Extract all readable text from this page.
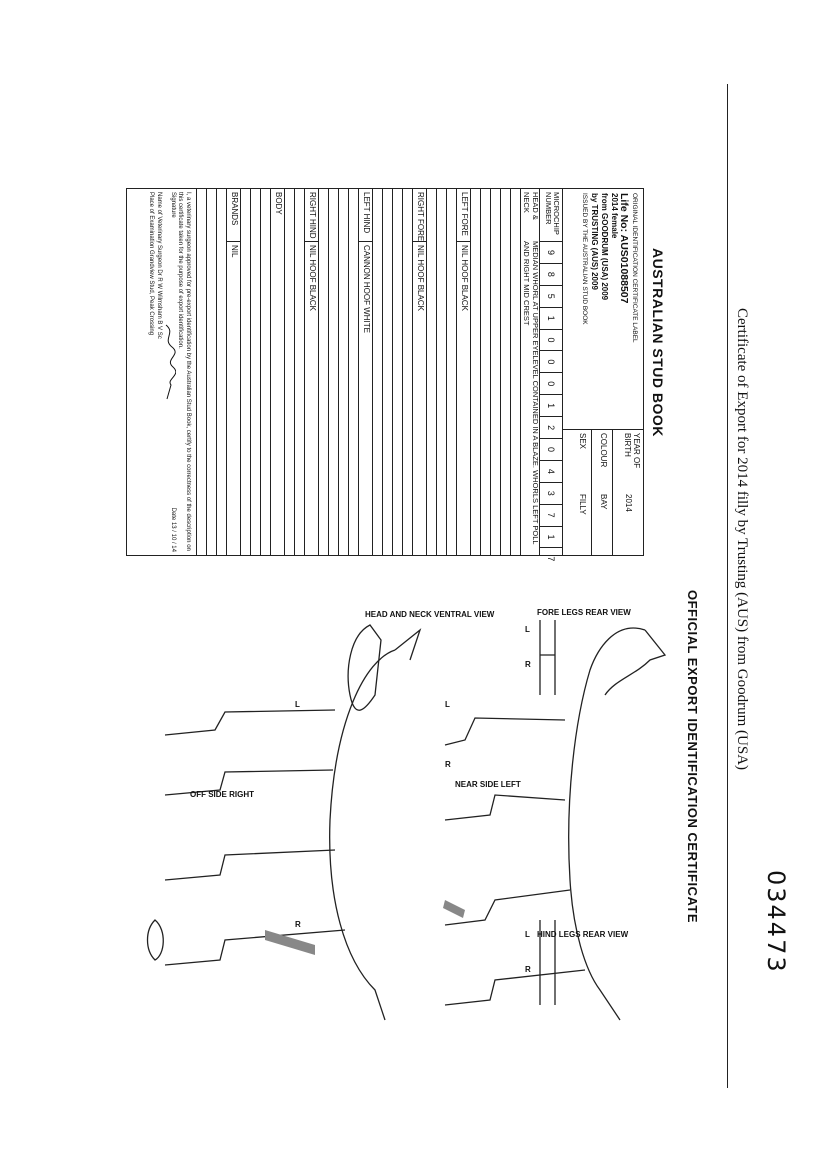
Certificate of Export for 2014 filly by Trusting (AUS) from Goodrum (USA)
034473
OFFICIAL EXPORT IDENTIFICATION CERTIFICATE
AUSTRALIAN STUD BOOK
ORIGINAL IDENTIFICATION CERTIFICATE LABEL
Life No: AUS01088507
2014 female
from GOODRUM (USA) 2009
by TRUSTING (AUS) 2009
ISSUED BY THE AUSTRALIAN STUD BOOK
YEAR OF BIRTH
2014
COLOUR
BAY
SEX
FILLY
MICROCHIP NUMBER
9
8
5
1
0
0
0
1
2
0
4
3
7
1
7
HEAD & NECK
MEDIAN WHORL AT UPPER EYELEVEL CONTAINED IN A BLAZE. WHORLS LEFT POLL AND RIGHT MID CREST
LEFT FORE
NIL HOOF BLACK
RIGHT FORE
NIL HOOF BLACK
LEFT HIND
CANNON HOOF WHITE
RIGHT HIND
NIL HOOF BLACK
BODY
BRANDS
NIL
I, a veterinary surgeon approved for pre-export identification by the Australian Stud Book, certify to the correctness of the description on this certificate taken for the purpose of export identification.
Signature
Date 13 / 10 / 14
Name of Veterinary Surgeon Dr R W Wilmsham B V Sc
Place of Examination Grandview Stud, Peak Crossing
FORE LEGS REAR VIEW
HIND LEGS REAR VIEW
NEAR SIDE LEFT
OFF SIDE RIGHT
HEAD AND NECK VENTRAL VIEW
L
R
L
R
L
R
L
R
